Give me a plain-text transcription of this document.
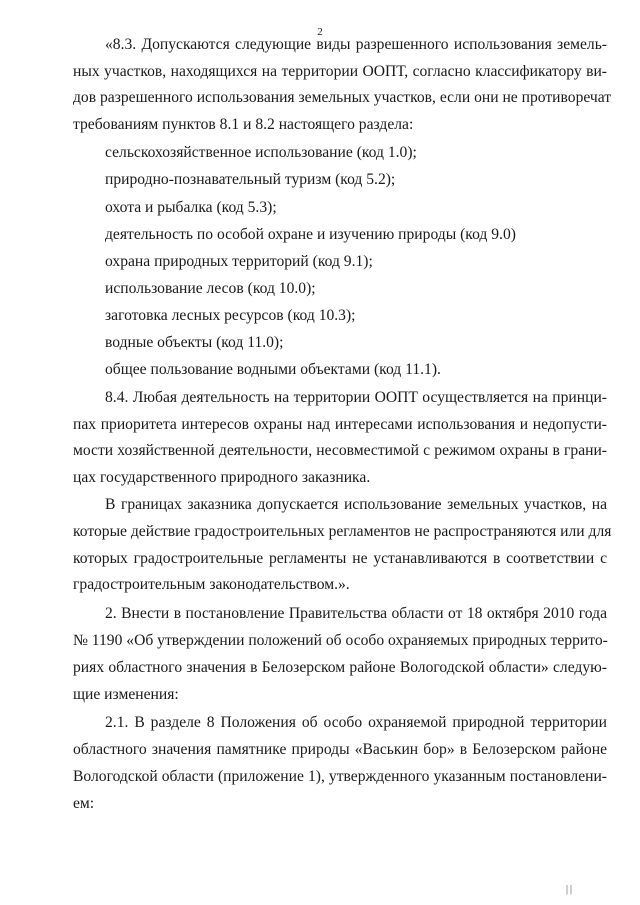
2
«8.3. Допускаются следующие виды разрешенного использования земель-
ных участков, находящихся на территории ООПТ, согласно классификатору ви-
дов разрешенного использования земельных участков, если они не противоречат
требованиям пунктов 8.1 и 8.2 настоящего раздела:
сельскохозяйственное использование (код 1.0);
природно-познавательный туризм (код 5.2);
охота и рыбалка (код 5.3);
деятельность по особой охране и изучению природы (код 9.0)
охрана природных территорий (код 9.1);
использование лесов (код 10.0);
заготовка лесных ресурсов (код 10.3);
водные объекты (код 11.0);
общее пользование водными объектами (код 11.1).
8.4. Любая деятельность на территории ООПТ осуществляется на принци-
пах приоритета интересов охраны над интересами использования и недопусти-
мости хозяйственной деятельности, несовместимой с режимом охраны в грани-
цах государственного природного заказника.
В границах заказника допускается использование земельных участков, на
которые действие градостроительных регламентов не распространяются или для
которых градостроительные регламенты не устанавливаются в соответствии с
градостроительным законодательством.».
2. Внести в постановление Правительства области от 18 октября 2010 года
№ 1190 «Об утверждении положений об особо охраняемых природных террито-
риях областного значения в Белозерском районе Вологодской области» следую-
щие изменения:
2.1. В разделе 8 Положения об особо охраняемой природной территории
областного значения памятнике природы «Васькин бор» в Белозерском районе
Вологодской области (приложение 1), утвержденного указанным постановлени-
ем:
||
